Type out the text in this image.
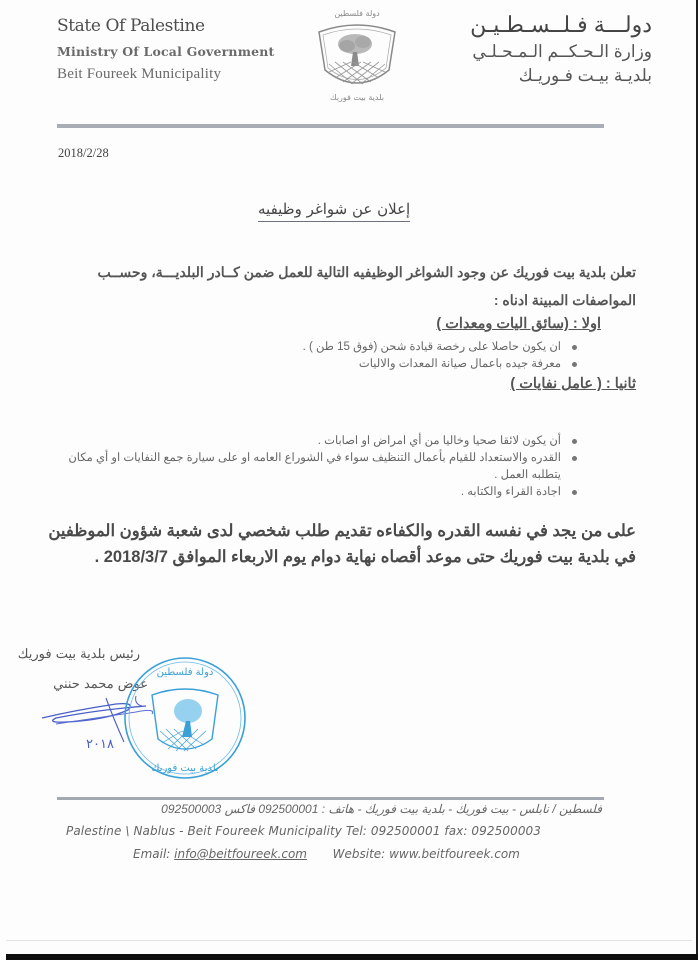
State Of Palestine
Ministry Of Local Government
Beit Foureek Municipality
دولة فلسطين
بلدية بيت فوريك
دولـــة فـلــسـطـيـن
وزارة الـحـكــم الـمـحـلـي
بلديـة بيـت فـوريـك
2018/2/28
إعلان عن شواغر وظيفيه
تعلن بلدية بيت فوريك عن وجود الشواغر الوظيفيه التالية للعمل ضمن كــادر البلديـــة، وحســب المواصفات المبينة ادناه :
اولا : (سائق اليات ومعدات )
ان يكون حاصلا على رخصة قيادة شحن (فوق 15 طن ) .
معرفة جيده باعمال صيانة المعدات والاليات
ثانيا : ( عامل نفايات )
أن يكون لائقا صحيا وخاليا من أي امراض او اصابات .
القدره والاستعداد للقيام بأعمال التنظيف سواء في الشوراع العامه او على سيارة جمع النفايات او أي مكان يتطلبه العمل .
اجادة القراء والكتابه .
على من يجد في نفسه القدره والكفاءه تقديم طلب شخصي لدى شعبة شؤون الموظفين في بلدية بيت فوريك حتى موعد أقصاه نهاية دوام يوم الاربعاء الموافق 2018/3/7 .
رئيس بلدية بيت فوريك
عوض محمد حنني
٢٠١٨
دولة فلسطين
بلدية بيت فوريك
فلسطين / نابلس - بيت فوريك - بلدية بيت فوريك - هاتف : 092500001 فاكس 092500003
Palestine \ Nablus - Beit Foureek Municipality Tel: 092500001 fax: 092500003
Email: info@beitfoureek.com Website: www.beitfoureek.com
